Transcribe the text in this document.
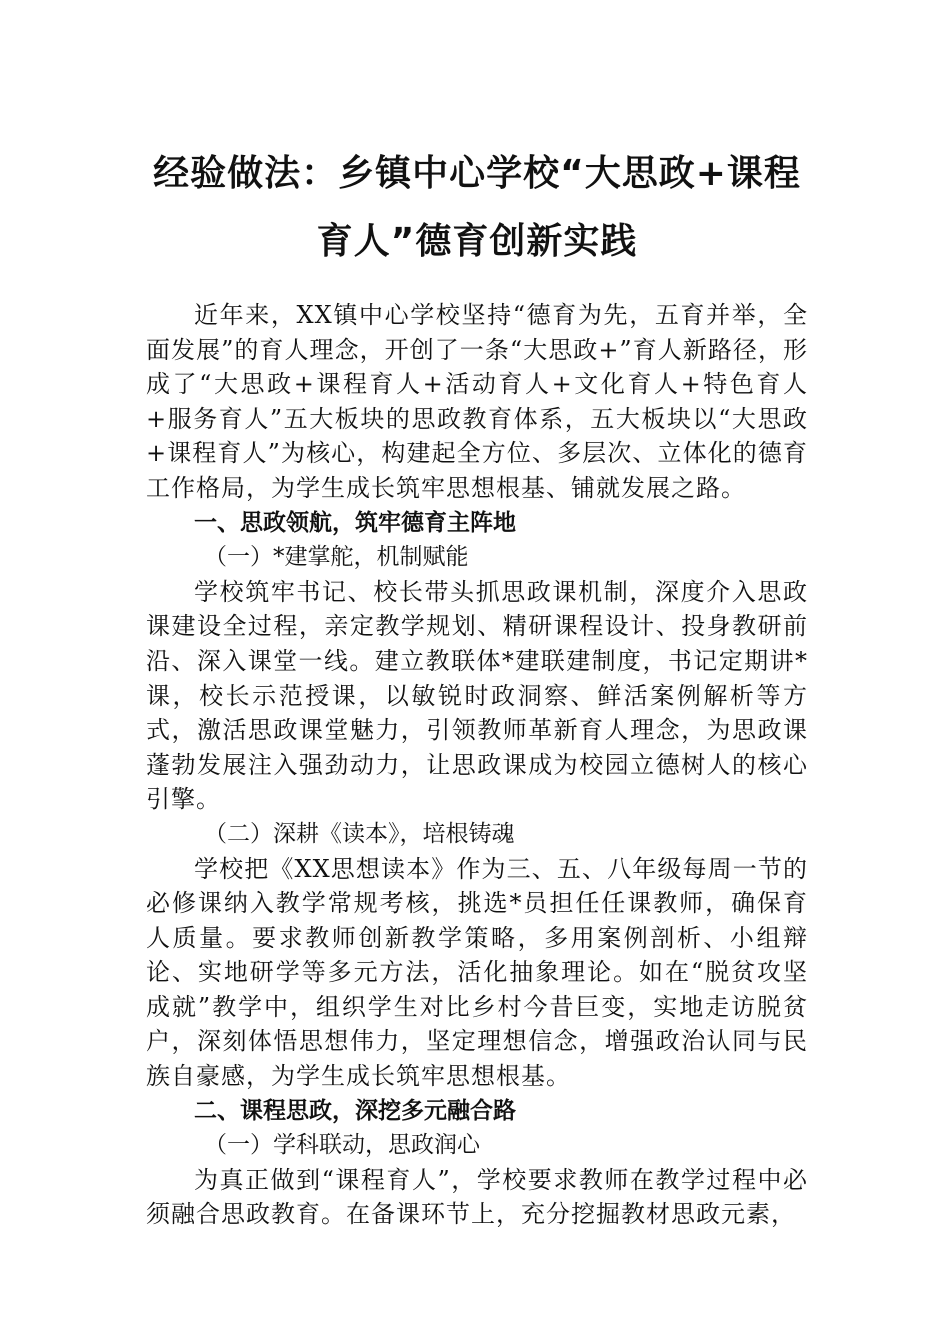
经验做法：乡镇中心学校“大思政+课程育人”德育创新实践

近年来，XX镇中心学校坚持“德育为先，五育并举，全面发展”的育人理念，开创了一条“大思政+”育人新路径，形成了“大思政+课程育人+活动育人+文化育人+特色育人+服务育人”五大板块的思政教育体系，五大板块以“大思政+课程育人”为核心，构建起全方位、多层次、立体化的德育工作格局，为学生成长筑牢思想根基、铺就发展之路。

一、思政领航，筑牢德育主阵地

（一）*建掌舵，机制赋能

学校筑牢书记、校长带头抓思政课机制，深度介入思政课建设全过程，亲定教学规划、精研课程设计、投身教研前沿、深入课堂一线。建立教联体*建联建制度，书记定期讲*课，校长示范授课，以敏锐时政洞察、鲜活案例解析等方式，激活思政课堂魅力，引领教师革新育人理念，为思政课蓬勃发展注入强劲动力，让思政课成为校园立德树人的核心引擎。

（二）深耕《读本》，培根铸魂

学校把《XX思想读本》作为三、五、八年级每周一节的必修课纳入教学常规考核，挑选*员担任任课教师，确保育人质量。要求教师创新教学策略，多用案例剖析、小组辩论、实地研学等多元方法，活化抽象理论。如在“脱贫攻坚成就”教学中，组织学生对比乡村今昔巨变，实地走访脱贫户，深刻体悟思想伟力，坚定理想信念，增强政治认同与民族自豪感，为学生成长筑牢思想根基。

二、课程思政，深挖多元融合路

（一）学科联动，思政润心

为真正做到“课程育人”，学校要求教师在教学过程中必须融合思政教育。在备课环节上，充分挖掘教材思政元素，
